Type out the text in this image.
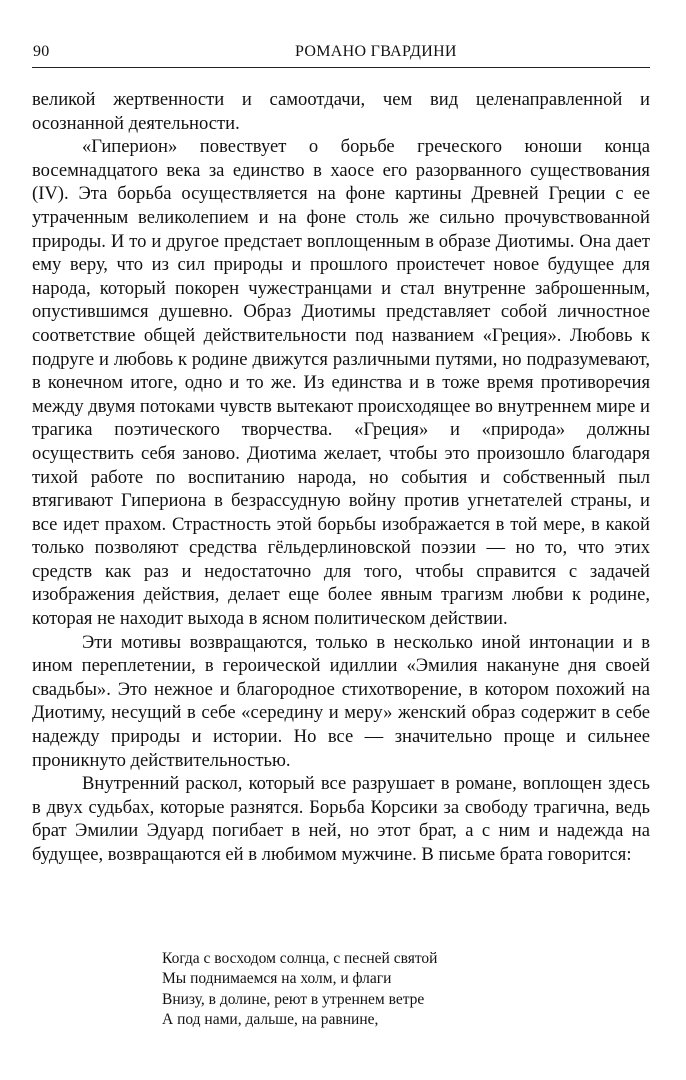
90	РОМАНО ГВАРДИНИ

великой жертвенности и самоотдачи, чем вид целенаправленной и осознанной деятельности.

«Гиперион» повествует о борьбе греческого юноши конца восемнадцатого века за единство в хаосе его разорванного существования (IV). Эта борьба осуществляется на фоне картины Древней Греции с ее утраченным великолепием и на фоне столь же сильно прочувствованной природы. И то и другое предстает воплощенным в образе Диотимы. Она дает ему веру, что из сил природы и прошлого проистечет новое будущее для народа, который покорен чужестранцами и стал внутренне заброшенным, опустившимся душевно. Образ Диотимы представляет собой личностное соответствие общей действительности под названием «Греция». Любовь к подруге и любовь к родине движутся различными путями, но подразумевают, в конечном итоге, одно и то же. Из единства и в тоже время противоречия между двумя потоками чувств вытекают происходящее во внутреннем мире и трагика поэтического творчества. «Греция» и «природа» должны осуществить себя заново. Диотима желает, чтобы это произошло благодаря тихой работе по воспитанию народа, но события и собственный пыл втягивают Гипериона в безрассудную войну против угнетателей страны, и все идет прахом. Страстность этой борьбы изображается в той мере, в какой только позволяют средства гёльдерлиновской поэзии — но то, что этих средств как раз и недостаточно для того, чтобы справится с задачей изображения действия, делает еще более явным трагизм любви к родине, которая не находит выхода в ясном политическом действии.

Эти мотивы возвращаются, только в несколько иной интонации и в ином переплетении, в героической идиллии «Эмилия накануне дня своей свадьбы». Это нежное и благородное стихотворение, в котором похожий на Диотиму, несущий в себе «середину и меру» женский образ содержит в себе надежду природы и истории. Но все — значительно проще и сильнее проникнуто действительностью.

Внутренний раскол, который все разрушает в романе, воплощен здесь в двух судьбах, которые разнятся. Борьба Корсики за свободу трагична, ведь брат Эмилии Эдуард погибает в ней, но этот брат, а с ним и надежда на будущее, возвращаются ей в любимом мужчине. В письме брата говорится:

Когда с восходом солнца, с песней святой
Мы поднимаемся на холм, и флаги
Внизу, в долине, реют в утреннем ветре
А под нами, дальше, на равнине,
